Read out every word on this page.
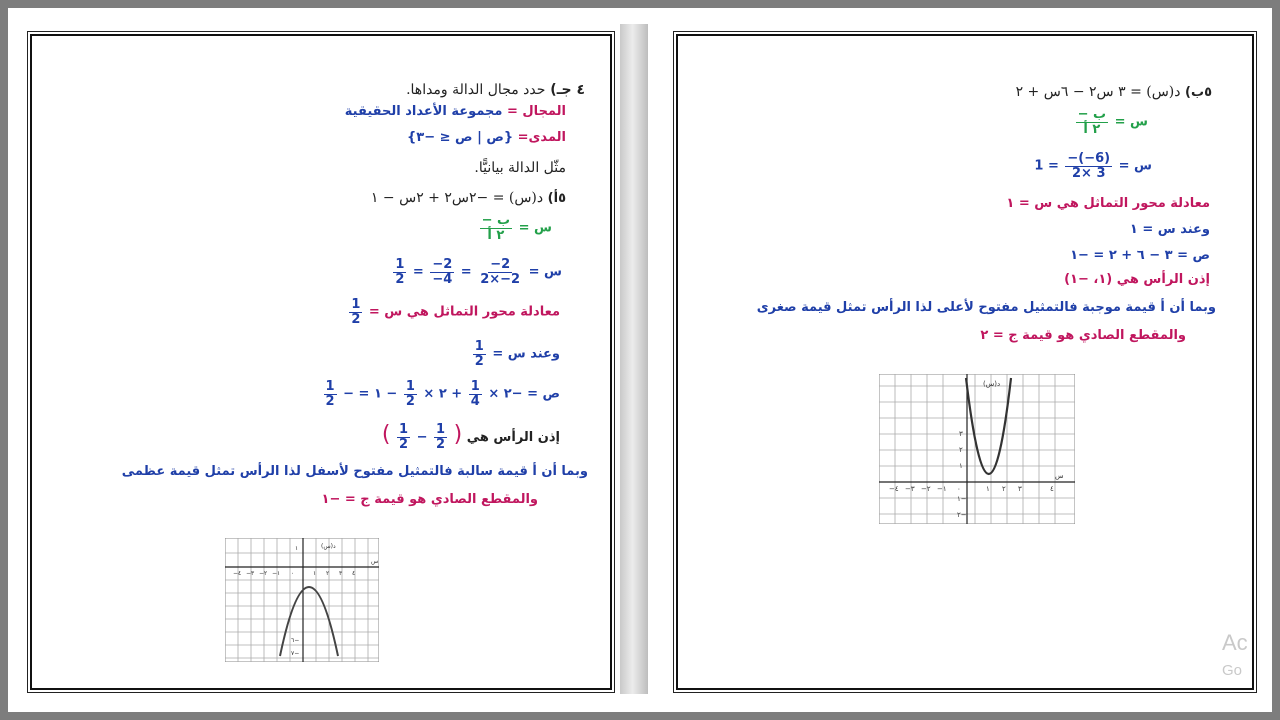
٤ جـ) حدد مجال الدالة ومداها.
المجال = مجموعة الأعداد الحقيقية
المدى= {ص | ص ≤ −٣}
مثّل الدالة بيانيًّا.
٥أ) د(س) = −٢س٢ + ٢س − ١
س =
$\frac{\text{− ب}}{\text{٢ أ}}$
س =
$\frac{-2}{2\times-2}$
=
$\frac{-2}{-4}$
=
$\frac{1}{2}$
معادلة محور التماثل هي س =
$\frac{1}{2}$
وعند س =
$\frac{1}{2}$
ص = −٢ ×
$\frac{1}{4}$
+ ٢ ×
$\frac{1}{2}$
− ١ = −
$\frac{1}{2}$
إذن الرأس هي (
$\frac{1}{2}$
−
$\frac{1}{2}$
)
وبما أن أ قيمة سالبة فالتمثيل مفتوح لأسفل لذا الرأس تمثل قيمة عظمى
والمقطع الصادي هو قيمة ج = −١
د(س)
س
١
−٤ −٣ −٢ −١ ٠	١ ٢ ٣ ٤
٦−
٧−
٥ب) د(س) = ٣ س٢ − ٦س + ٢
س =
$\frac{\text{− ب}}{\text{٢ أ}}$
س =
$\frac{-(-6)}{2\times 3}$
= 1
معادلة محور التماثل هي س = ١
وعند س = ١
ص = ٣ − ٦ + ٢ = −١
إذن الرأس هي (١، −١)
وبما أن أ قيمة موجبة فالتمثيل مفتوح لأعلى لذا الرأس تمثل قيمة صغرى
والمقطع الصادي هو قيمة ج = ٢
د(س)
س
٣
٢
١
١−
٢−
−٤ −٣ −٢ −١ ٠	١ ٢ ٣	٤
Ac
Go
